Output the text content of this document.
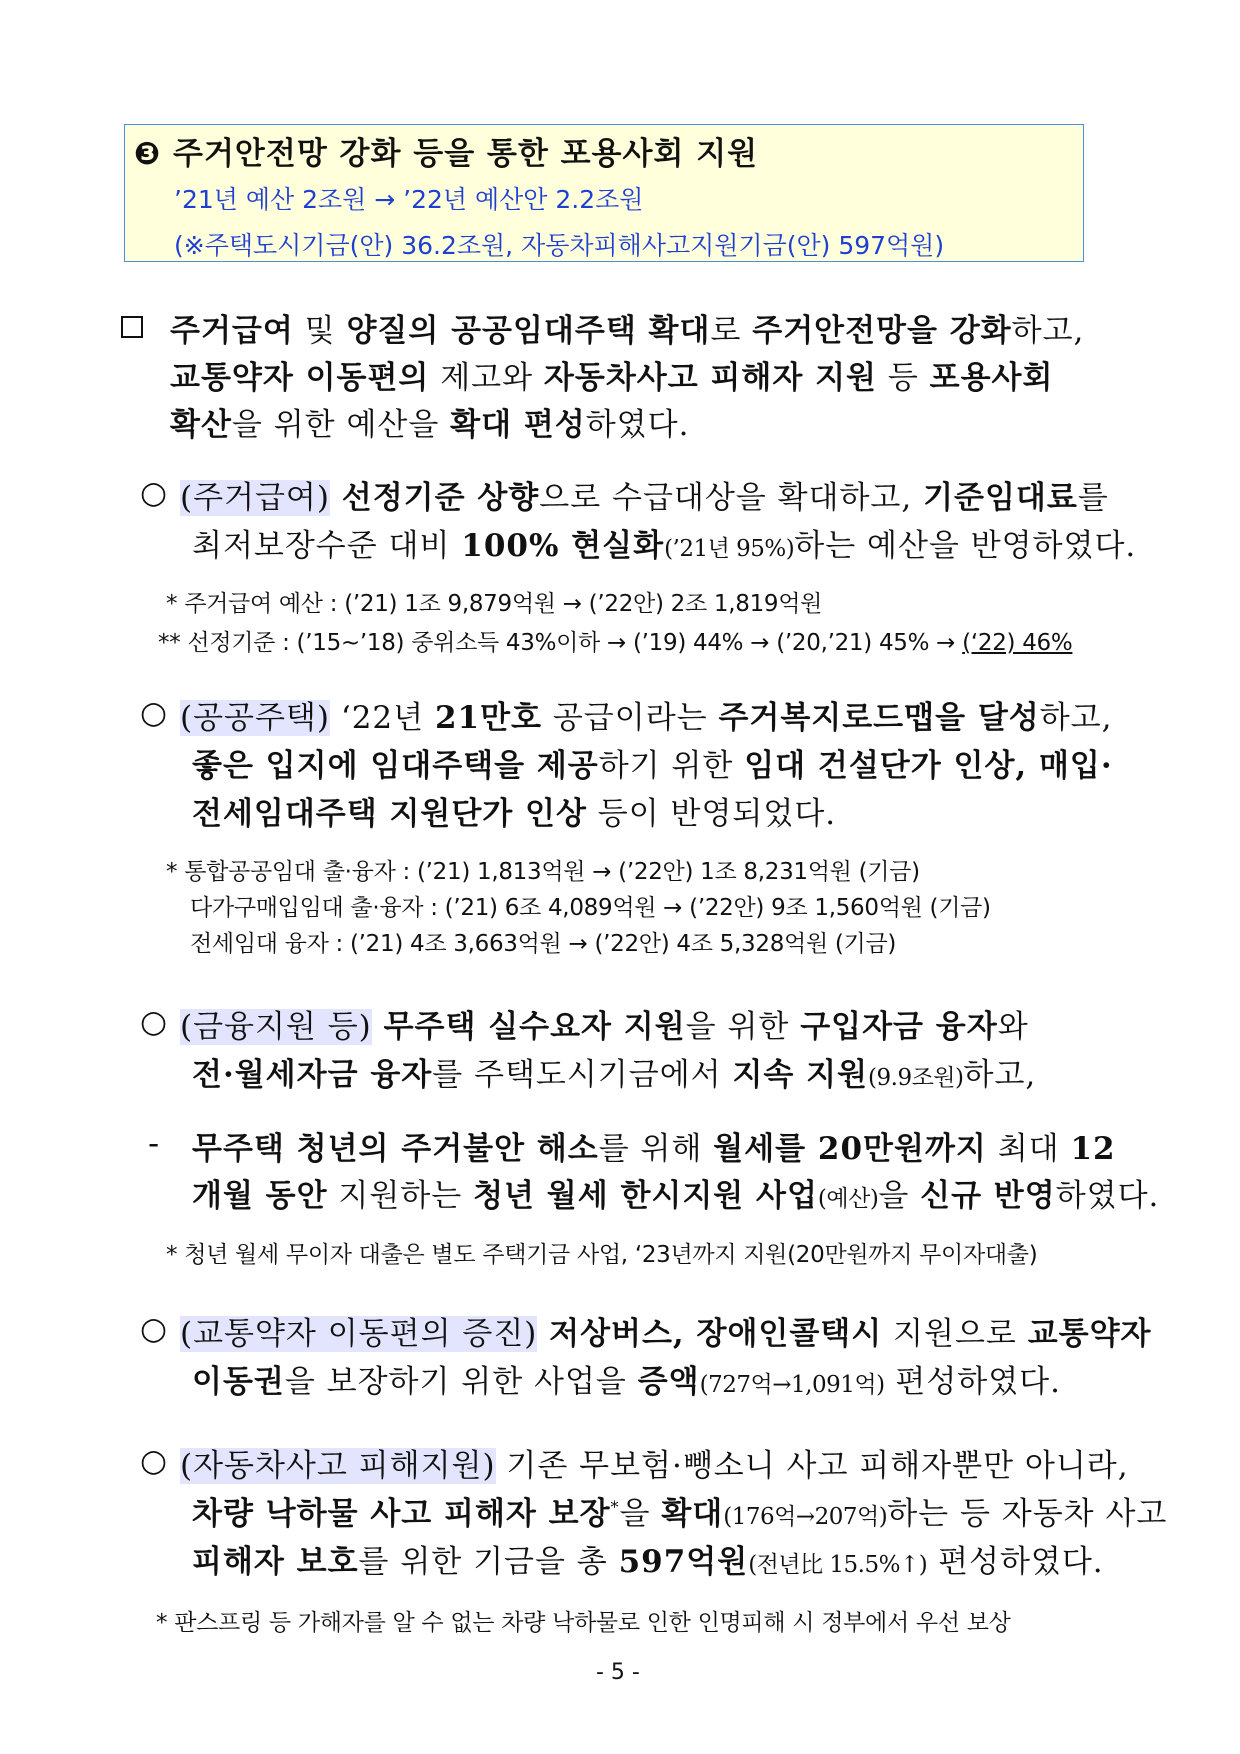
❸ 주거안전망 강화 등을 통한 포용사회 지원
’21년 예산 2조원 → ’22년 예산안 2.2조원
(※주택도시기금(안) 36.2조원, 자동차피해사고지원기금(안) 597억원)
주거급여 및 양질의 공공임대주택 확대로 주거안전망을 강화하고,
교통약자 이동편의 제고와 자동차사고 피해자 지원 등 포용사회
확산을 위한 예산을 확대 편성하였다.
○ (주거급여) 선정기준 상향으로 수급대상을 확대하고, 기준임대료를
최저보장수준 대비 100% 현실화(’21년 95%)하는 예산을 반영하였다.
* 주거급여 예산 : (’21) 1조 9,879억원 → (’22안) 2조 1,819억원
** 선정기준 : (’15~’18) 중위소득 43%이하 → (’19) 44% → (’20,’21) 45% → (‘22) 46%
○ (공공주택) ‘22년 21만호 공급이라는 주거복지로드맵을 달성하고,
좋은 입지에 임대주택을 제공하기 위한 임대 건설단가 인상, 매입·
전세임대주택 지원단가 인상 등이 반영되었다.
* 통합공공임대 출·융자 : (’21) 1,813억원 → (’22안) 1조 8,231억원 (기금)
다가구매입임대 출·융자 : (’21) 6조 4,089억원 → (’22안) 9조 1,560억원 (기금)
전세임대 융자 : (’21) 4조 3,663억원 → (’22안) 4조 5,328억원 (기금)
○ (금융지원 등) 무주택 실수요자 지원을 위한 구입자금 융자와
전·월세자금 융자를 주택도시기금에서 지속 지원(9.9조원)하고,
- 무주택 청년의 주거불안 해소를 위해 월세를 20만원까지 최대 12
개월 동안 지원하는 청년 월세 한시지원 사업(예산)을 신규 반영하였다.
* 청년 월세 무이자 대출은 별도 주택기금 사업, ‘23년까지 지원(20만원까지 무이자대출)
○ (교통약자 이동편의 증진) 저상버스, 장애인콜택시 지원으로 교통약자
이동권을 보장하기 위한 사업을 증액(727억→1,091억) 편성하였다.
○ (자동차사고 피해지원) 기존 무보험·뺑소니 사고 피해자뿐만 아니라,
차량 낙하물 사고 피해자 보장*을 확대(176억→207억)하는 등 자동차 사고
피해자 보호를 위한 기금을 총 597억원(전년比 15.5%↑) 편성하였다.
* 판스프링 등 가해자를 알 수 없는 차량 낙하물로 인한 인명피해 시 정부에서 우선 보상
- 5 -
